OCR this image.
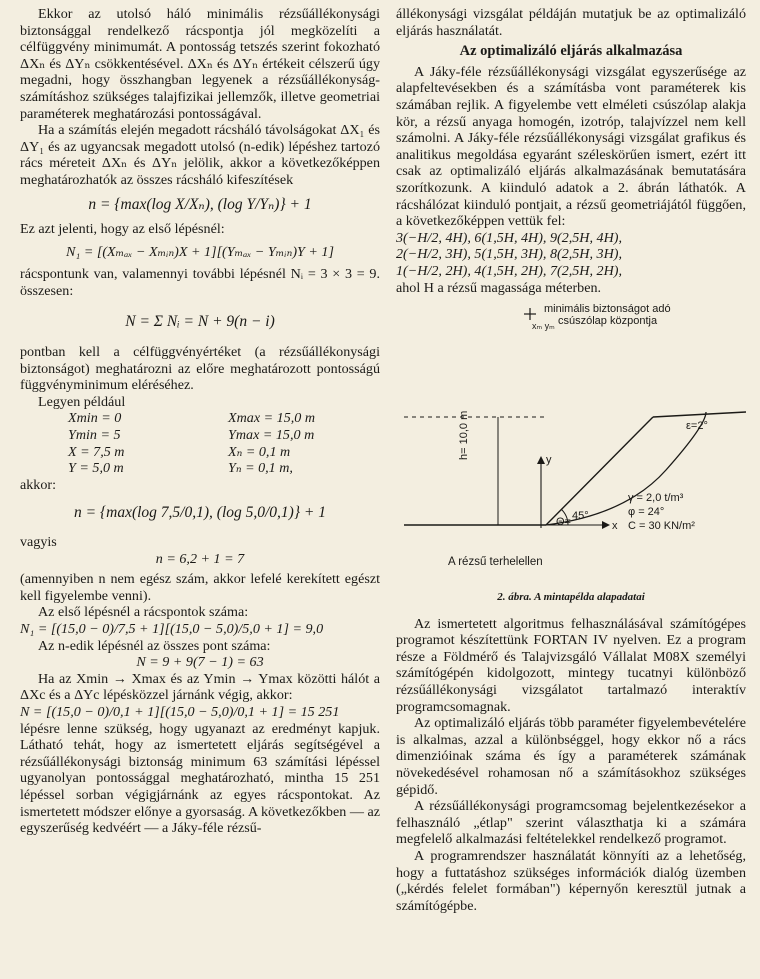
Ekkor az utolsó háló minimális rézsűállékonysági biztonsággal rendelkező rácspontja jól megközelíti a célfüggvény minimumát. A pontosság tetszés szerint fokozható ΔXₙ és ΔYₙ csökkentésével. ΔXₙ és ΔYₙ értékeit célszerű úgy megadni, hogy összhangban legyenek a rézsűállékonyság-számításhoz szükséges talajfizikai jellemzők, illetve geometriai paraméterek meghatározási pontosságával.

Ha a számítás elején megadott rácsháló távolságokat ΔX₁ és ΔY₁ és az ugyancsak megadott utolsó (n-edik) lépéshez tartozó rács méreteit ΔXₙ és ΔYₙ jelölik, akkor a következőképpen meghatározhatók az összes rácsháló kifeszítések

n = {max(log X/Xₙ), (log Y/Yₙ)} + 1

Ez azt jelenti, hogy az első lépésnél:

N₁ = [(Xₘₐₓ − Xₘᵢₙ)X + 1][(Yₘₐₓ − Yₘᵢₙ)Y + 1]

rácspontunk van, valamennyi további lépésnél Nᵢ = 3 × 3 = 9. összesen:

N = Σ Nᵢ = N + 9(n − i)

pontban kell a célfüggvényértéket (a rézsűállékonysági biztonságot) meghatározni az előre meghatározott pontosságú függvényminimum eléréséhez.

Legyen például

Xmin = 0	Xmax = 15,0 m
Ymin = 5	Ymax = 15,0 m
X = 7,5 m	Xₙ = 0,1 m
Y = 5,0 m	Yₙ = 0,1 m,

akkor:

n = {max(log 7,5/0,1), (log 5,0/0,1)} + 1

vagyis

n = 6,2 + 1 = 7

(amennyiben n nem egész szám, akkor lefelé kerekített egészt kell figyelembe venni).

Az első lépésnél a rácspontok száma:

N₁ = [(15,0 − 0)/7,5 + 1][(15,0 − 5,0)/5,0 + 1] = 9,0

Az n-edik lépésnél az összes pont száma:

N = 9 + 9(7 − 1) = 63

Ha az Xmin → Xmax és az Ymin → Ymax közötti hálót a ΔXc és a ΔYc lépésközzel járnánk végig, akkor:

N = [(15,0 − 0)/0,1 + 1][(15,0 − 5,0)/0,1 + 1] = 15 251

lépésre lenne szükség, hogy ugyanazt az eredményt kapjuk. Látható tehát, hogy az ismertetett eljárás segítségével a rézsűállékonysági biztonság minimum 63 számítási lépéssel ugyanolyan pontossággal meghatározható, mintha 15 251 lépéssel sorban végigjárnánk az egyes rácspontokat. Az ismertetett módszer előnye a gyorsaság. A következőkben — az egyszerűség kedvéért — a Jáky-féle rézsű-

állékonysági vizsgálat példáján mutatjuk be az optimalizáló eljárás használatát.

Az optimalizáló eljárás alkalmazása

A Jáky-féle rézsűállékonysági vizsgálat egyszerűsége az alapfeltevésekben és a számításba vont paraméterek kis számában rejlik. A figyelembe vett elméleti csúszólap alakja kör, a rézsű anyaga homogén, izotróp, talajvízzel nem kell számolni. A Jáky-féle rézsűállékonysági vizsgálat grafikus és analitikus megoldása egyaránt széleskörűen ismert, ezért itt csak az optimalizáló eljárás alkalmazásának bemutatására szorítkozunk. A kiinduló adatok a 2. ábrán láthatók. A rácshálózat kiinduló pontjait, a rézsű geometriájától függően, a következőképpen vettük fel:

3(−H/2, 4H), 6(1,5H, 4H), 9(2,5H, 4H),
2(−H/2, 3H), 5(1,5H, 3H), 8(2,5H, 3H),
1(−H/2, 2H), 4(1,5H, 2H), 7(2,5H, 2H),

ahol H a rézsű magassága méterben.

minimális biztonságot adó
csúszólap központja
xₘ yₘ
h= 10,0 m	y
x
45°
Θ=
ε=2°
γ = 2,0 t/m³
φ = 24°
C = 30 KN/m²
A rézsű terhelellen
2. ábra. A mintapélda alapadatai

Az ismertetett algoritmus felhasználásával számítógépes programot készítettünk FORTAN IV nyelven. Ez a program része a Földmérő és Talajvizsgáló Vállalat M08X személyi számítógépén kidolgozott, mintegy tucatnyi különböző rézsűállékonysági vizsgálatot tartalmazó interaktív programcsomagnak.

Az optimalizáló eljárás több paraméter figyelembevételére is alkalmas, azzal a különbséggel, hogy ekkor nő a rács dimenzióinak száma és így a paraméterek számának növekedésével rohamosan nő a számításokhoz szükséges gépidő.

A rézsűállékonysági programcsomag bejelentkezésekor a felhasználó „étlap" szerint választhatja ki a számára megfelelő alkalmazási feltételekkel rendelkező programot.

A programrendszer használatát könnyíti az a lehetőség, hogy a futtatáshoz szükséges információk dialóg üzemben („kérdés felelet formában") képernyőn keresztül jutnak a számítógépbe.
